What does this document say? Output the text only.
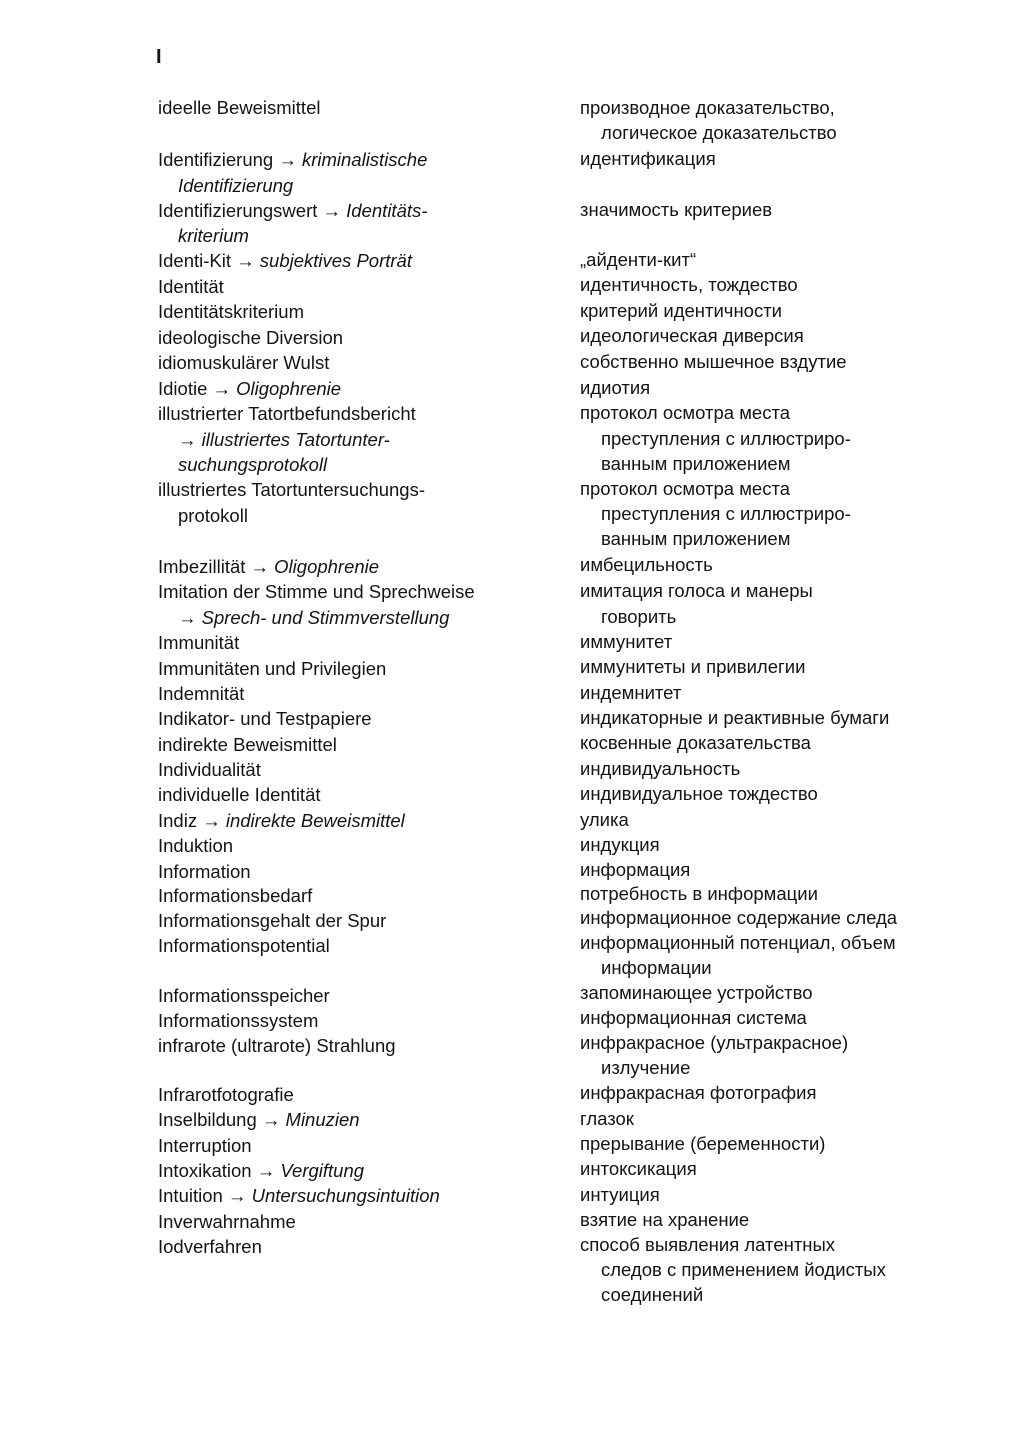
I
ideelle Beweismittel
Identifizierung → kriminalistische
Identifizierung
Identifizierungswert → Identitäts-
kriterium
Identi-Kit → subjektives Porträt
Identität
Identitätskriterium
ideologische Diversion
idiomuskulärer Wulst
Idiotie → Oligophrenie
illustrierter Tatortbefundsbericht
→ illustriertes Tatortunter-
suchungsprotokoll
illustriertes Tatortuntersuchungs-
protokoll
Imbezillität → Oligophrenie
Imitation der Stimme und Sprechweise
→ Sprech- und Stimmverstellung
Immunität
Immunitäten und Privilegien
Indemnität
Indikator- und Testpapiere
indirekte Beweismittel
Individualität
individuelle Identität
Indiz → indirekte Beweismittel
Induktion
Information
Informationsbedarf
Informationsgehalt der Spur
Informationspotential
Informationsspeicher
Informationssystem
infrarote (ultrarote) Strahlung
Infrarotfotografie
Inselbildung → Minuzien
Interruption
Intoxikation → Vergiftung
Intuition → Untersuchungsintuition
Inverwahrnahme
Iodverfahren
производное доказательство,
логическое доказательство
идентификация
значимость критериев
„айденти-кит“
идентичность, тождество
критерий идентичности
идеологическая диверсия
собственно мышечное вздутие
идиотия
протокол осмотра места
преступления с иллюстриро-
ванным приложением
протокол осмотра места
преступления с иллюстриро-
ванным приложением
имбецильность
имитация голоса и манеры
говорить
иммунитет
иммунитеты и привилегии
индемнитет
индикаторные и реактивные бумаги
косвенные доказательства
индивидуальность
индивидуальное тождество
улика
индукция
информация
потребность в информации
информационное содержание следа
информационный потенциал, объем
информации
запоминающее устройство
информационная система
инфракрасное (ультракрасное)
излучение
инфракрасная фотография
глазок
прерывание (беременности)
интоксикация
интуиция
взятие на хранение
способ выявления латентных
следов с применением йодистых
соединений
